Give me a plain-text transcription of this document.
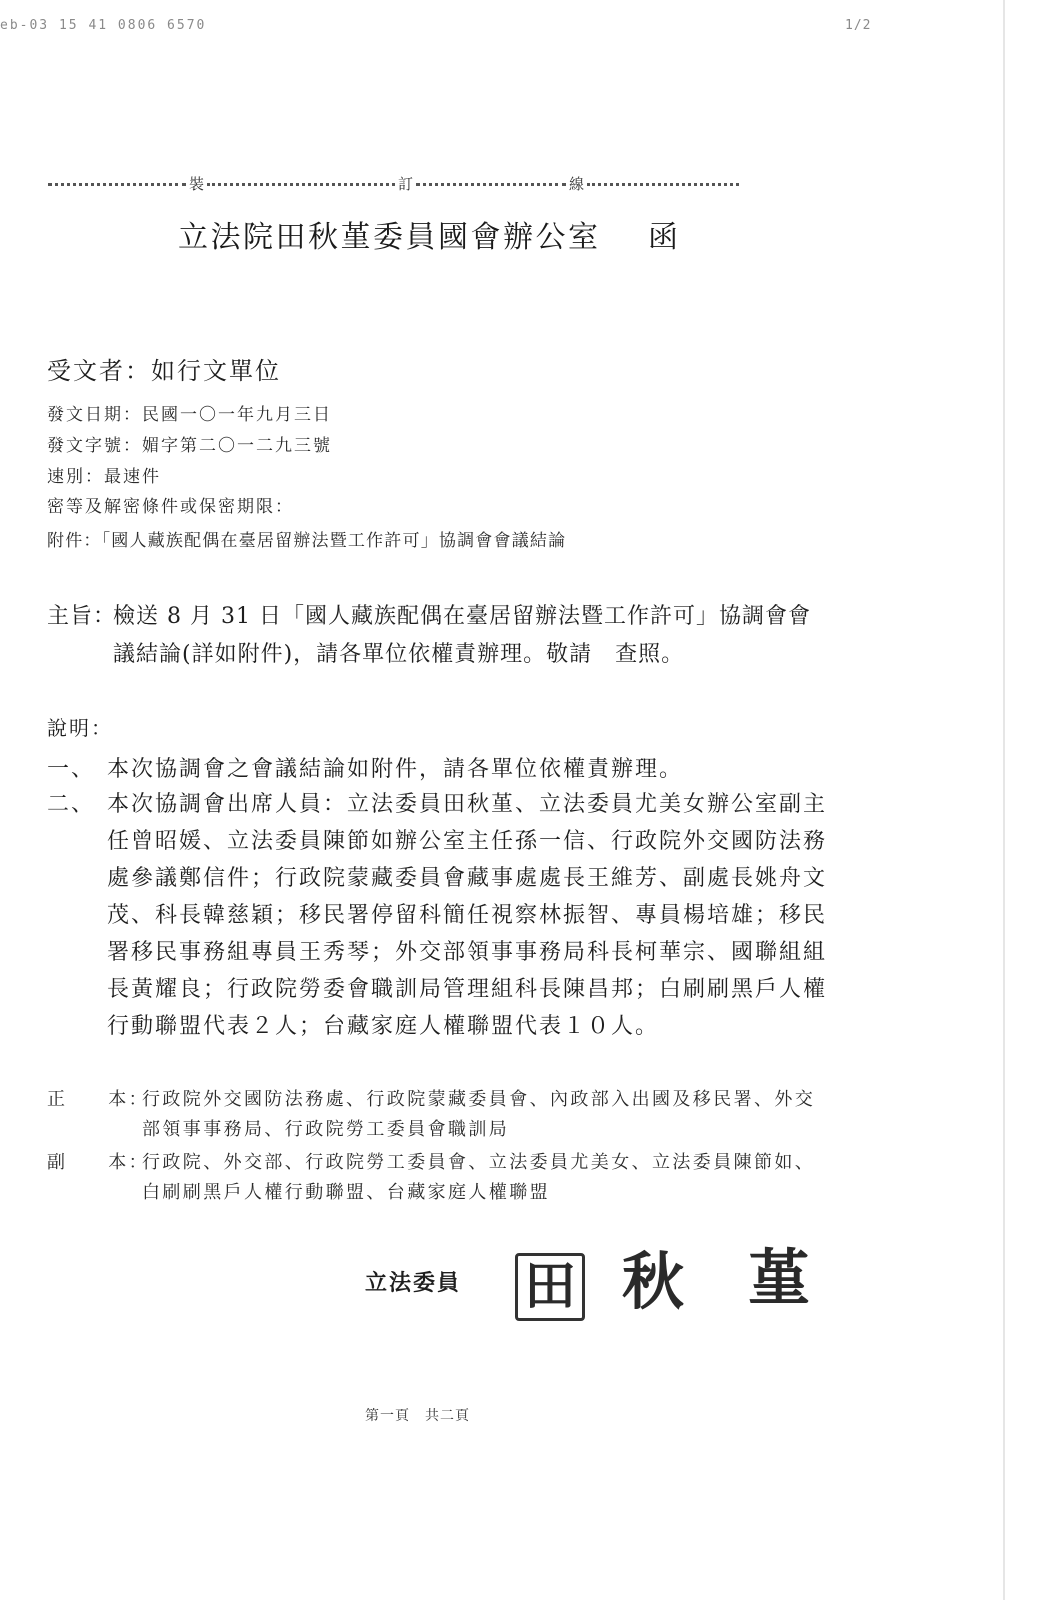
eb-03 15 41 0806 6570	1/2
裝	訂	線
立法院田秋堇委員國會辦公室 函
受文者：如行文單位
發文日期：民國一〇一年九月三日
發文字號：媚字第二〇一二九三號
速別：最速件
密等及解密條件或保密期限：
附件：「國人藏族配偶在臺居留辦法暨工作許可」協調會會議結論
主旨：
檢送 8 月 31 日「國人藏族配偶在臺居留辦法暨工作許可」協調會會
議結論(詳如附件)，請各單位依權責辦理。敬請　查照。
說明：
一、 本次協調會之會議結論如附件，請各單位依權責辦理。
二、 本次協調會出席人員：立法委員田秋堇、立法委員尤美女辦公室副主
任曾昭媛、立法委員陳節如辦公室主任孫一信、行政院外交國防法務
處參議鄭信件；行政院蒙藏委員會藏事處處長王維芳、副處長姚舟文
茂、科長韓慈穎；移民署停留科簡任視察林振智、專員楊培雄；移民
署移民事務組專員王秀琴；外交部領事事務局科長柯華宗、國聯組組
長黃耀良；行政院勞委會職訓局管理組科長陳昌邦；白刷刷黑戶人權
行動聯盟代表２人；台藏家庭人權聯盟代表１０人。
正　　本：
行政院外交國防法務處、行政院蒙藏委員會、內政部入出國及移民署、外交
部領事事務局、行政院勞工委員會職訓局
副　　本：
行政院、外交部、行政院勞工委員會、立法委員尤美女、立法委員陳節如、
白刷刷黑戶人權行動聯盟、台藏家庭人權聯盟
立法委員 田 秋 堇
第一頁　共二頁
